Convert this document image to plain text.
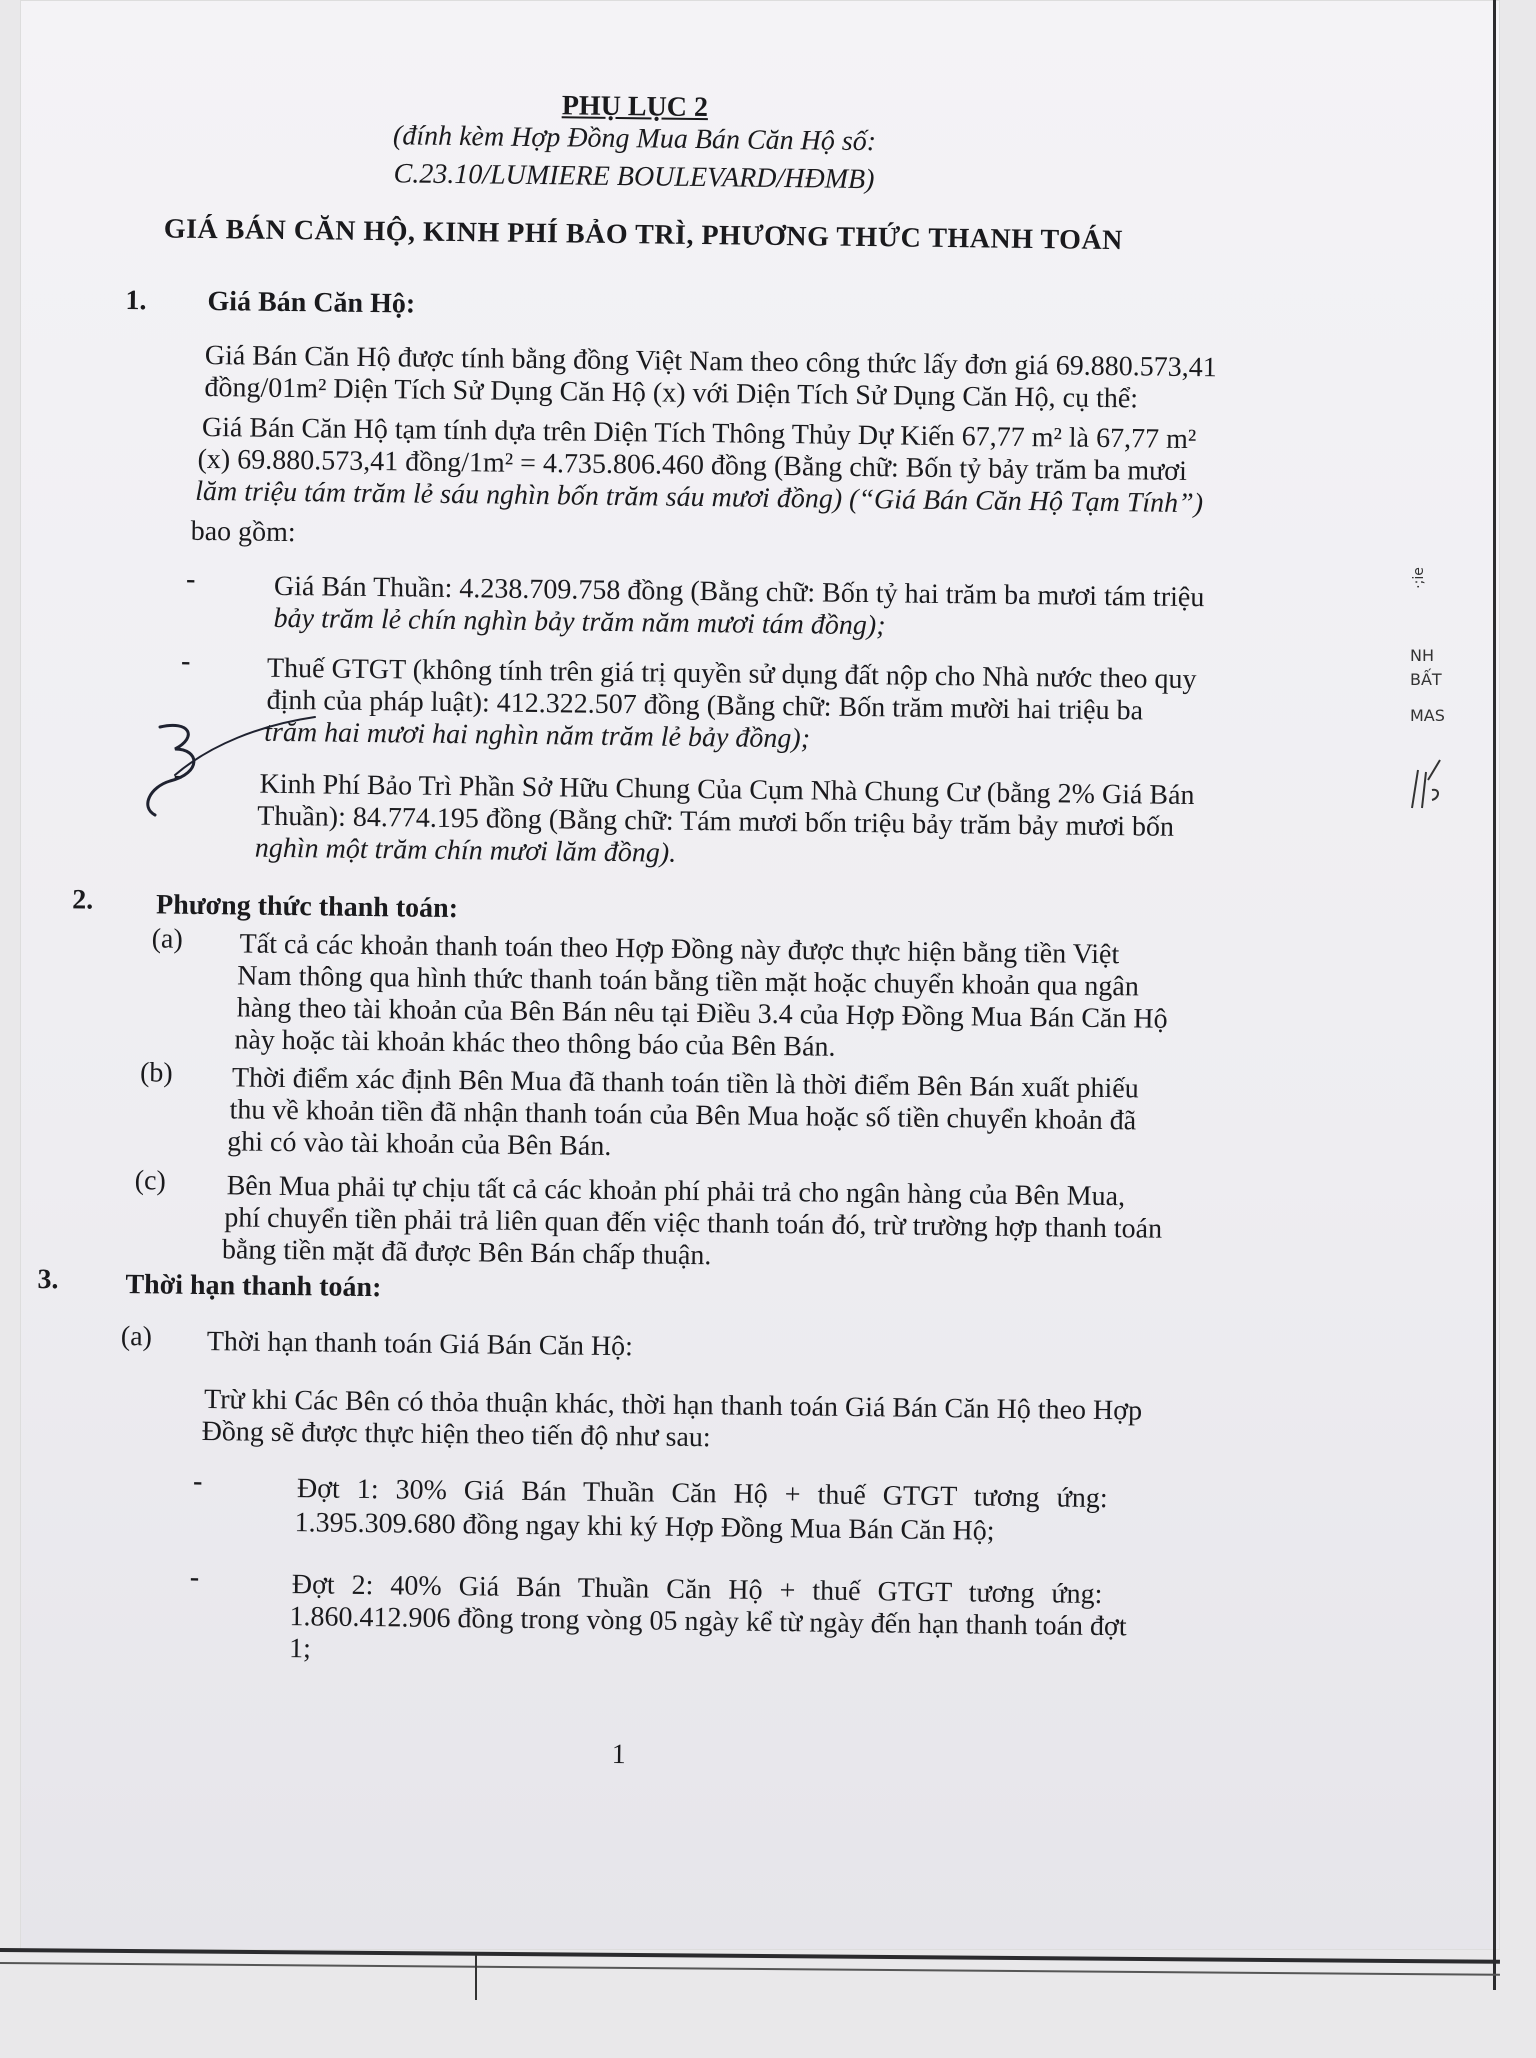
PHỤ LỤC 2
(đính kèm Hợp Đồng Mua Bán Căn Hộ số:
C.23.10/LUMIERE BOULEVARD/HĐMB)
GIÁ BÁN CĂN HỘ, KINH PHÍ BẢO TRÌ, PHƯƠNG THỨC THANH TOÁN
1. Giá Bán Căn Hộ:
Giá Bán Căn Hộ được tính bằng đồng Việt Nam theo công thức lấy đơn giá 69.880.573,41
đồng/01m² Diện Tích Sử Dụng Căn Hộ (x) với Diện Tích Sử Dụng Căn Hộ, cụ thể:
Giá Bán Căn Hộ tạm tính dựa trên Diện Tích Thông Thủy Dự Kiến 67,77 m² là 67,77 m²
(x) 69.880.573,41 đồng/1m² = 4.735.806.460 đồng (Bằng chữ: Bốn tỷ bảy trăm ba mươi
lăm triệu tám trăm lẻ sáu nghìn bốn trăm sáu mươi đồng) (“Giá Bán Căn Hộ Tạm Tính”)
bao gồm:
-	Giá Bán Thuần: 4.238.709.758 đồng (Bằng chữ: Bốn tỷ hai trăm ba mươi tám triệu
bảy trăm lẻ chín nghìn bảy trăm năm mươi tám đồng);
-	Thuế GTGT (không tính trên giá trị quyền sử dụng đất nộp cho Nhà nước theo quy
định của pháp luật): 412.322.507 đồng (Bằng chữ: Bốn trăm mười hai triệu ba
trăm hai mươi hai nghìn năm trăm lẻ bảy đồng);
-	Kinh Phí Bảo Trì Phần Sở Hữu Chung Của Cụm Nhà Chung Cư (bằng 2% Giá Bán
Thuần): 84.774.195 đồng (Bằng chữ: Tám mươi bốn triệu bảy trăm bảy mươi bốn
nghìn một trăm chín mươi lăm đồng).
2. Phương thức thanh toán:
(a) Tất cả các khoản thanh toán theo Hợp Đồng này được thực hiện bằng tiền Việt
Nam thông qua hình thức thanh toán bằng tiền mặt hoặc chuyển khoản qua ngân
hàng theo tài khoản của Bên Bán nêu tại Điều 3.4 của Hợp Đồng Mua Bán Căn Hộ
này hoặc tài khoản khác theo thông báo của Bên Bán.
(b) Thời điểm xác định Bên Mua đã thanh toán tiền là thời điểm Bên Bán xuất phiếu
thu về khoản tiền đã nhận thanh toán của Bên Mua hoặc số tiền chuyển khoản đã
ghi có vào tài khoản của Bên Bán.
(c) Bên Mua phải tự chịu tất cả các khoản phí phải trả cho ngân hàng của Bên Mua,
phí chuyển tiền phải trả liên quan đến việc thanh toán đó, trừ trường hợp thanh toán
bằng tiền mặt đã được Bên Bán chấp thuận.
3. Thời hạn thanh toán:
(a) Thời hạn thanh toán Giá Bán Căn Hộ:
Trừ khi Các Bên có thỏa thuận khác, thời hạn thanh toán Giá Bán Căn Hộ theo Hợp
Đồng sẽ được thực hiện theo tiến độ như sau:
-	Đợt 1: 30% Giá Bán Thuần Căn Hộ + thuế GTGT tương ứng:
1.395.309.680 đồng ngay khi ký Hợp Đồng Mua Bán Căn Hộ;
-	Đợt 2: 40% Giá Bán Thuần Căn Hộ + thuế GTGT tương ứng:
1.860.412.906 đồng trong vòng 05 ngày kể từ ngày đến hạn thanh toán đợt
1;
1
·;ie
NH
BẤT
MAS
